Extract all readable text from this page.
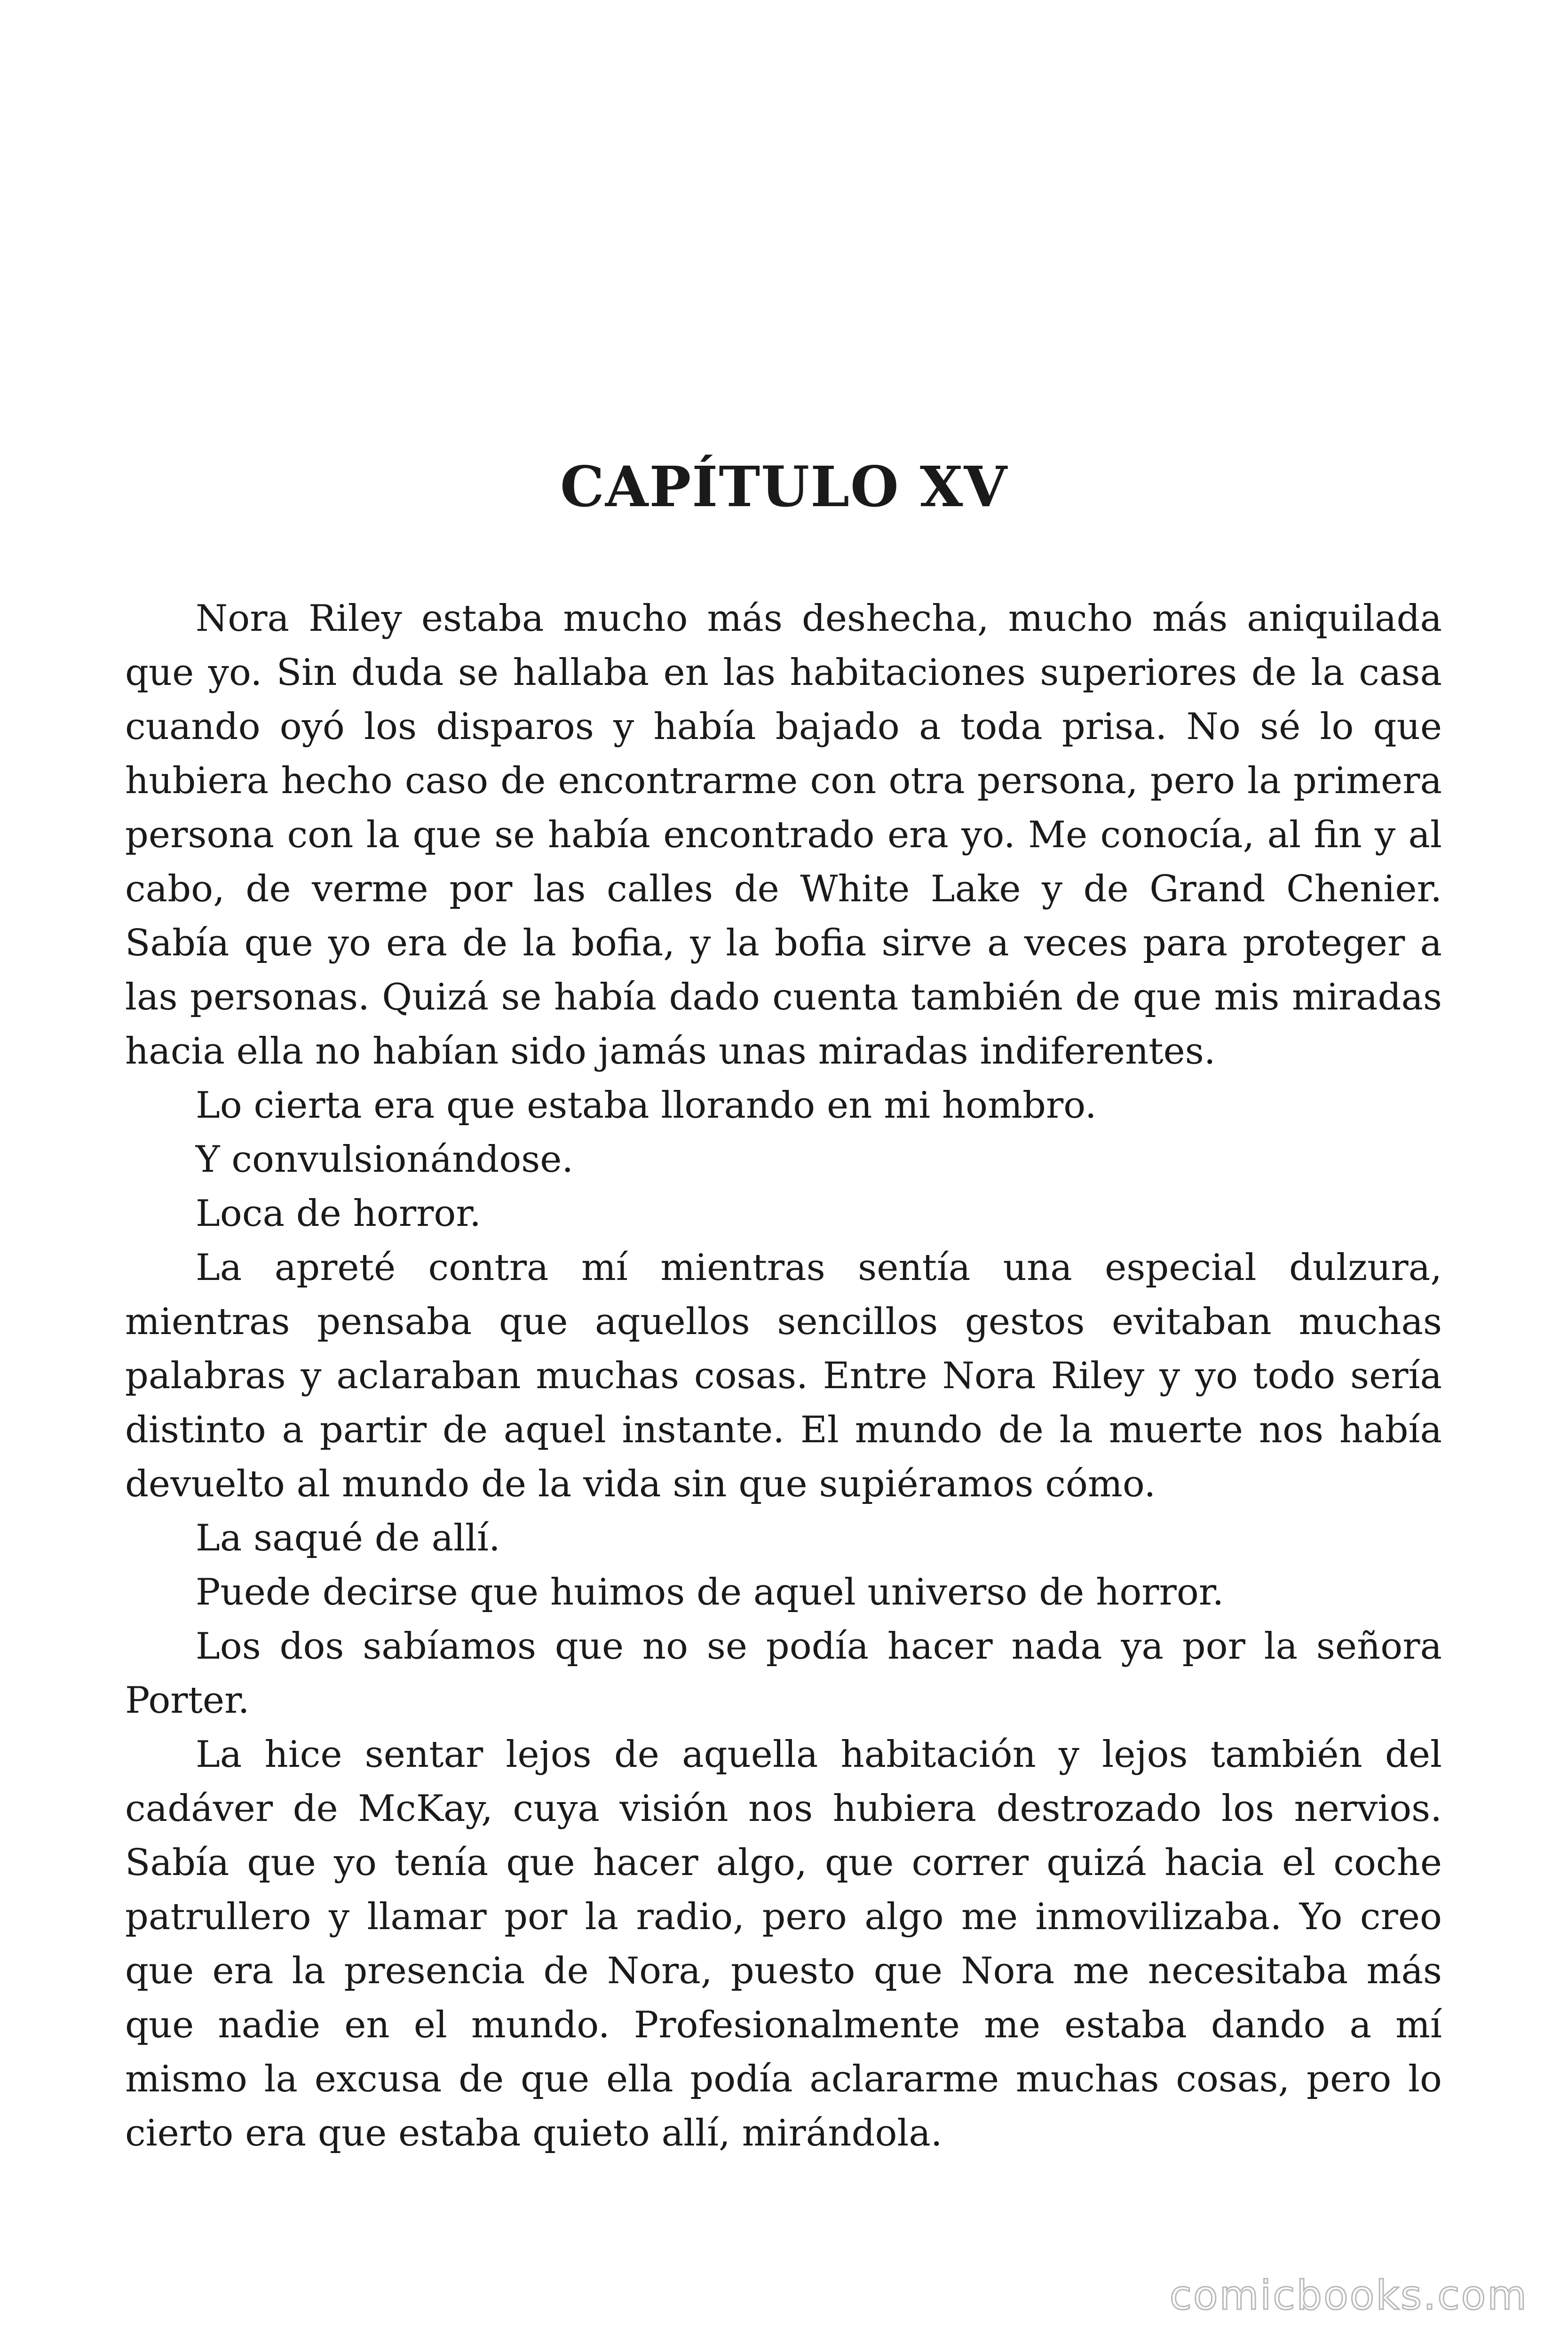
CAPÍTULO XV

Nora Riley estaba mucho más deshecha, mucho más aniquilada que yo. Sin duda se hallaba en las habitaciones superiores de la casa cuando oyó los disparos y había bajado a toda prisa. No sé lo que hubiera hecho caso de encontrarme con otra persona, pero la primera persona con la que se había encontrado era yo. Me conocía, al fin y al cabo, de verme por las calles de White Lake y de Grand Chenier. Sabía que yo era de la bofia, y la bofia sirve a veces para proteger a las personas. Quizá se había dado cuenta también de que mis miradas hacia ella no habían sido jamás unas miradas indiferentes.

Lo cierta era que estaba llorando en mi hombro.

Y convulsionándose.

Loca de horror.

La apreté contra mí mientras sentía una especial dulzura, mientras pensaba que aquellos sencillos gestos evitaban muchas palabras y aclaraban muchas cosas. Entre Nora Riley y yo todo sería distinto a partir de aquel instante. El mundo de la muerte nos había devuelto al mundo de la vida sin que supiéramos cómo.

La saqué de allí.

Puede decirse que huimos de aquel universo de horror.

Los dos sabíamos que no se podía hacer nada ya por la señora Porter.

La hice sentar lejos de aquella habitación y lejos también del cadáver de McKay, cuya visión nos hubiera destrozado los nervios. Sabía que yo tenía que hacer algo, que correr quizá hacia el coche patrullero y llamar por la radio, pero algo me inmovilizaba. Yo creo que era la presencia de Nora, puesto que Nora me necesitaba más que nadie en el mundo. Profesionalmente me estaba dando a mí mismo la excusa de que ella podía aclararme muchas cosas, pero lo cierto era que estaba quieto allí, mirándola.

comicbooks.com
